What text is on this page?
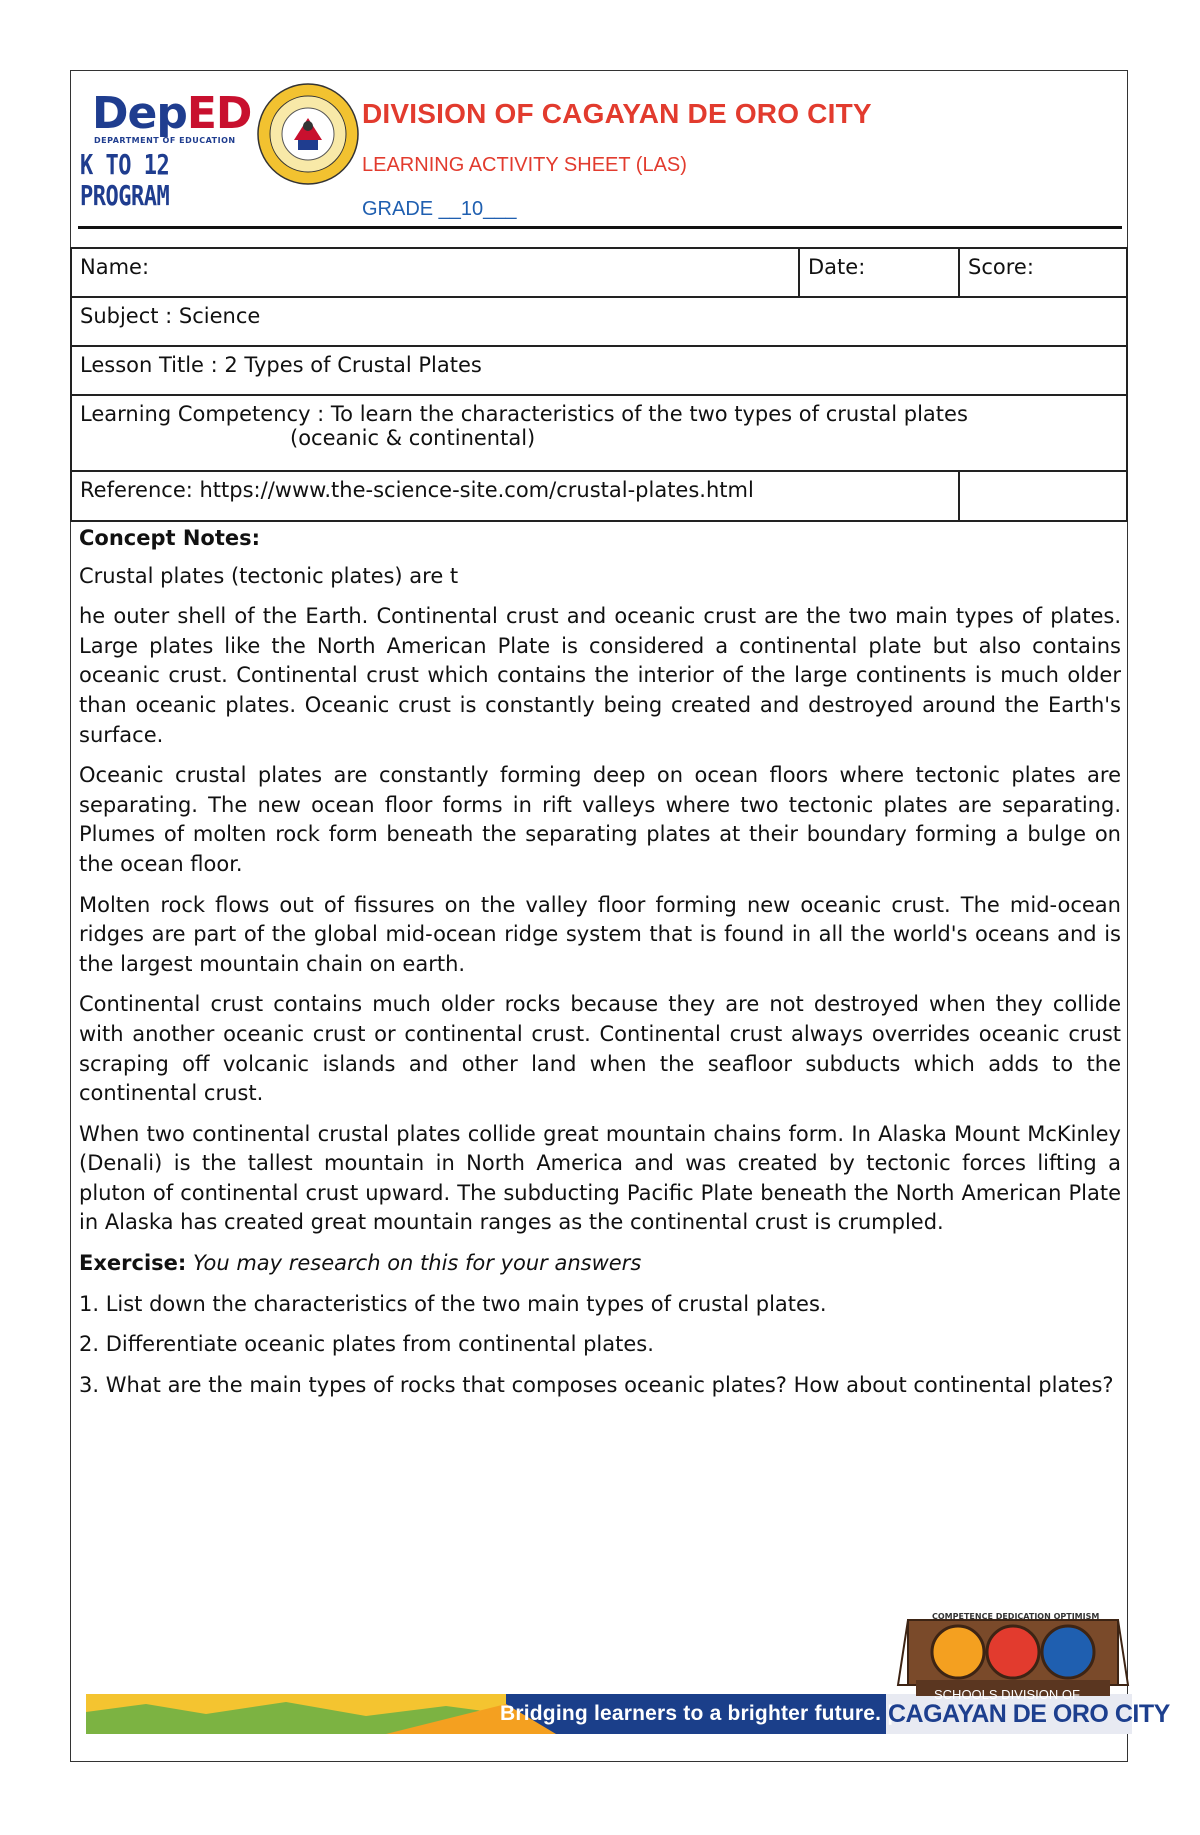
DepED
DEPARTMENT OF EDUCATION
K TO 12 PROGRAM
DIVISION OF CAGAYAN DE ORO CITY
LEARNING ACTIVITY SHEET (LAS)
GRADE __10___
Name:	Date:	Score:
Subject : Science		
Lesson Title : 2 Types of Crustal Plates		
Learning Competency : To learn the characteristics of the two types of crustal plates
(oceanic & continental)		

Reference: https://www.the-science-site.com/crustal-plates.html		

Concept Notes:

Crustal plates (tectonic plates) are t

he outer shell of the Earth. Continental crust and oceanic crust are the two main types of plates. Large plates like the North American Plate is considered a continental plate but also contains oceanic crust. Continental crust which contains the interior of the large continents is much older than oceanic plates. Oceanic crust is constantly being created and destroyed around the Earth's surface.

Oceanic crustal plates are constantly forming deep on ocean floors where tectonic plates are separating. The new ocean floor forms in rift valleys where two tectonic plates are separating. Plumes of molten rock form beneath the separating plates at their boundary forming a bulge on the ocean floor.

Molten rock flows out of fissures on the valley floor forming new oceanic crust. The mid-ocean ridges are part of the global mid-ocean ridge system that is found in all the world's oceans and is the largest mountain chain on earth.

Continental crust contains much older rocks because they are not destroyed when they collide with another oceanic crust or continental crust. Continental crust always overrides oceanic crust scraping off volcanic islands and other land when the seafloor subducts which adds to the continental crust.

When two continental crustal plates collide great mountain chains form. In Alaska Mount McKinley (Denali) is the tallest mountain in North America and was created by tectonic forces lifting a pluton of continental crust upward. The subducting Pacific Plate beneath the North American Plate in Alaska has created great mountain ranges as the continental crust is crumpled.

Exercise: You may research on this for your answers

1. List down the characteristics of the two main types of crustal plates.

2. Differentiate oceanic plates from continental plates.

3. What are the main types of rocks that composes oceanic plates? How about continental plates?

Bridging learners to a brighter future. |
CAGAYAN DE ORO CITY
COMPETENCE DEDICATION OPTIMISM
SCHOOLS DIVISION OF
